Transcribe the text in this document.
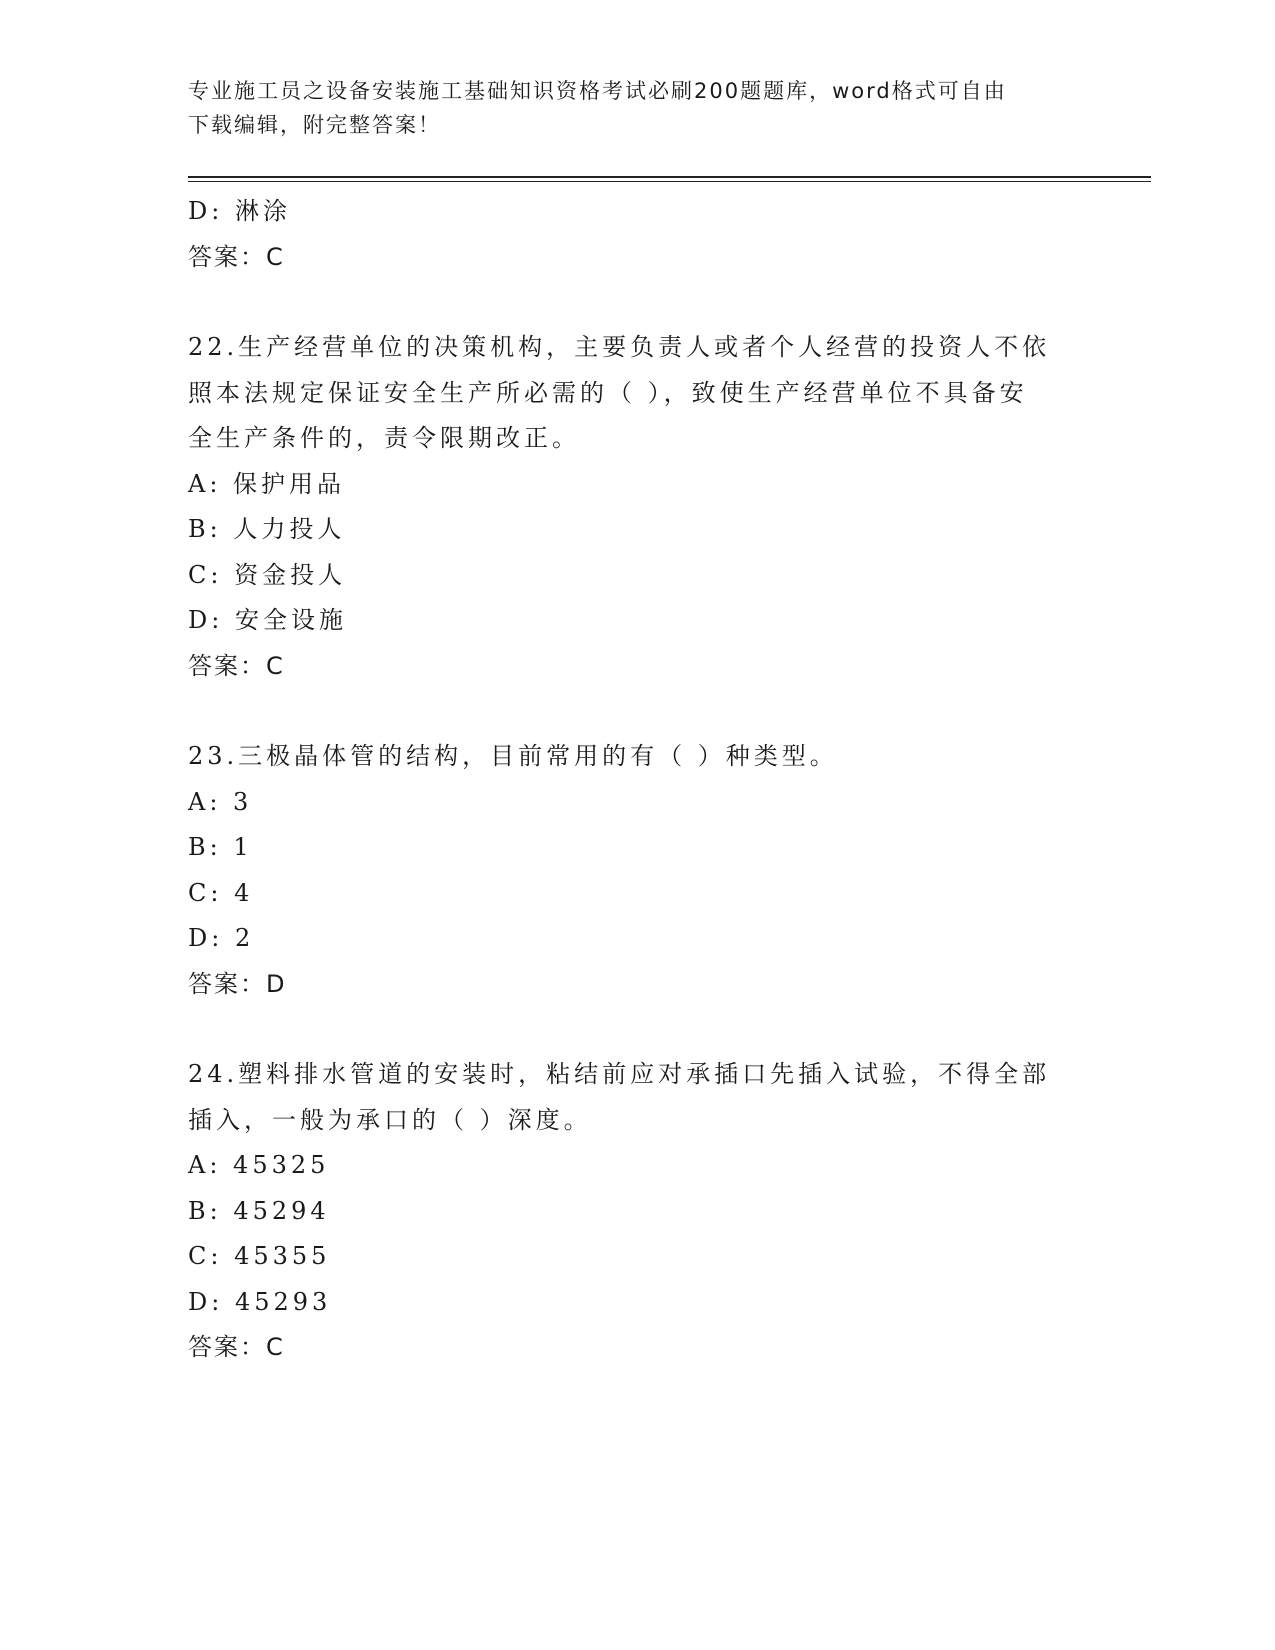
专业施工员之设备安装施工基础知识资格考试必刷200题题库，word格式可自由
下载编辑，附完整答案！
D: 淋涂
答案：C
22.生产经营单位的决策机构，主要负责人或者个人经营的投资人不依
照本法规定保证安全生产所必需的（ ），致使生产经营单位不具备安
全生产条件的，责令限期改正。
A: 保护用品
B: 人力投人
C: 资金投人
D: 安全设施
答案：C
23.三极晶体管的结构，目前常用的有（ ）种类型。
A: 3
B: 1
C: 4
D: 2
答案：D
24.塑料排水管道的安装时，粘结前应对承插口先插入试验，不得全部
插入，一般为承口的（ ）深度。
A: 45325
B: 45294
C: 45355
D: 45293
答案：C
